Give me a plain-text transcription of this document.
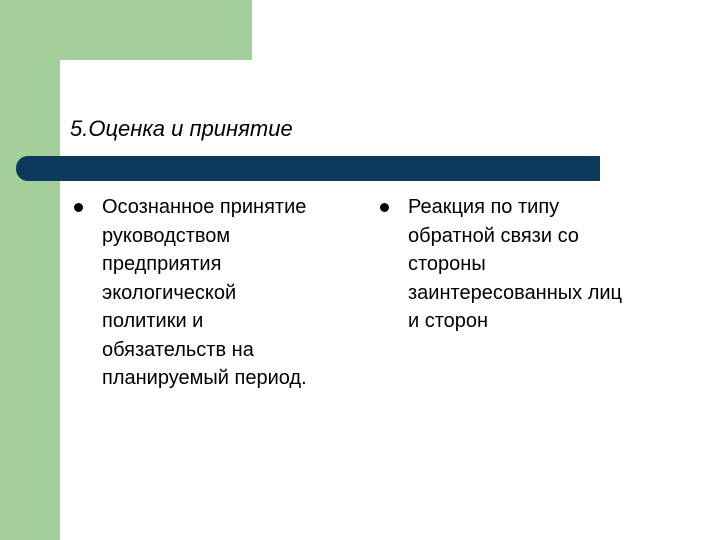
5.Оценка и принятие
Осознанное принятие
руководством
предприятия
экологической
политики и
обязательств на
планируемый период.
Реакция по типу
обратной связи со
стороны
заинтересованных лиц
и сторон
